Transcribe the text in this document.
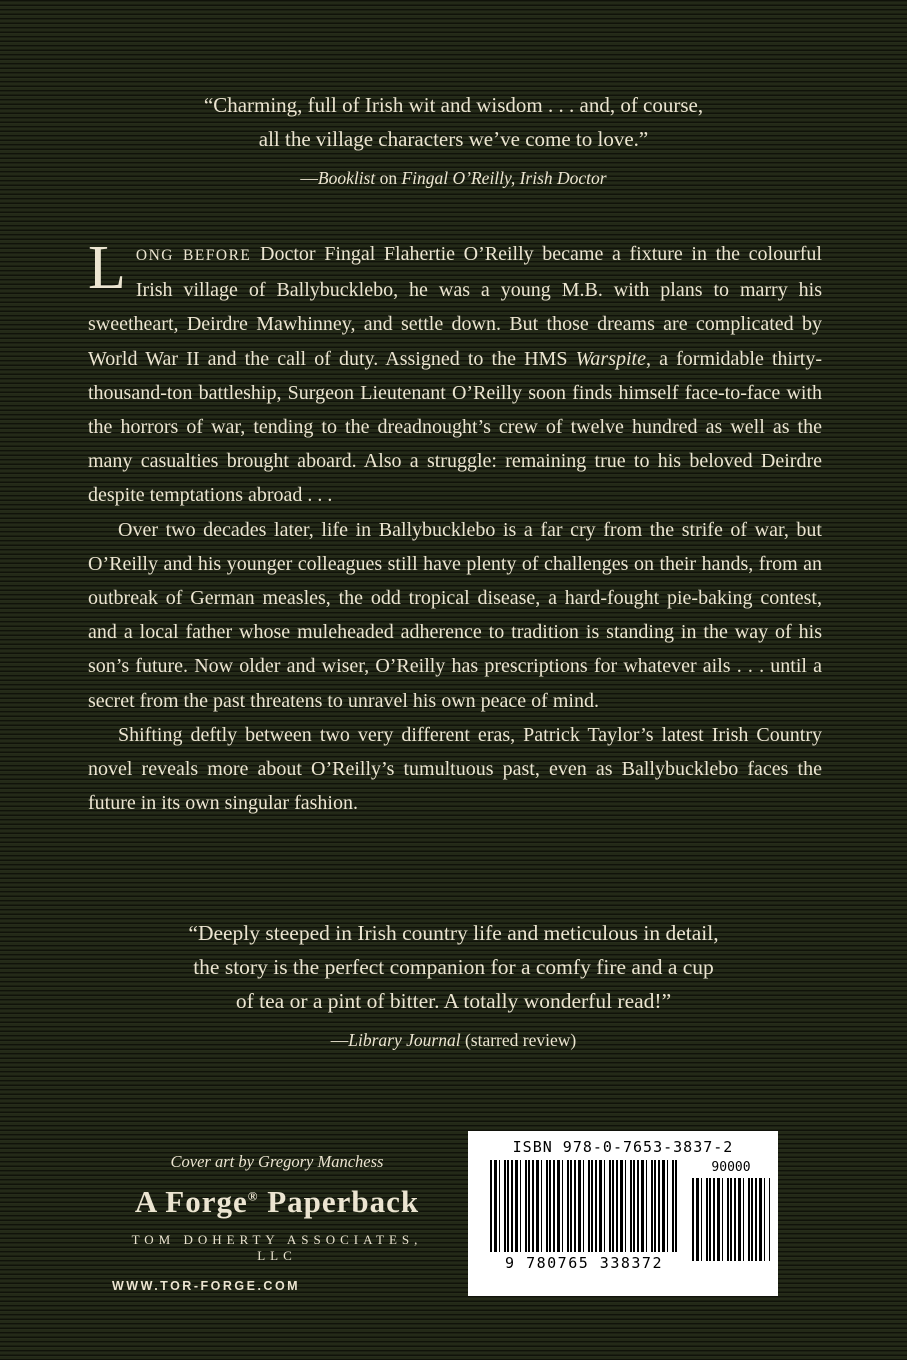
“Charming, full of Irish wit and wisdom . . . and, of course,
all the village characters we’ve come to love.”
—Booklist on Fingal O’Reilly, Irish Doctor

LONG BEFORE Doctor Fingal Flahertie O’Reilly became a fixture in the colourful Irish village of Ballybucklebo, he was a young M.B. with plans to marry his sweetheart, Deirdre Mawhinney, and settle down. But those dreams are complicated by World War II and the call of duty. Assigned to the HMS Warspite, a formidable thirty-thousand-ton battleship, Surgeon Lieutenant O’Reilly soon finds himself face-to-face with the horrors of war, tending to the dreadnought’s crew of twelve hundred as well as the many casualties brought aboard. Also a struggle: remaining true to his beloved Deirdre despite temptations abroad . . .

Over two decades later, life in Ballybucklebo is a far cry from the strife of war, but O’Reilly and his younger colleagues still have plenty of challenges on their hands, from an outbreak of German measles, the odd tropical disease, a hard-fought pie-baking contest, and a local father whose muleheaded adherence to tradition is standing in the way of his son’s future. Now older and wiser, O’Reilly has prescriptions for whatever ails . . . until a secret from the past threatens to unravel his own peace of mind.

Shifting deftly between two very different eras, Patrick Taylor’s latest Irish Country novel reveals more about O’Reilly’s tumultuous past, even as Ballybucklebo faces the future in its own singular fashion.

“Deeply steeped in Irish country life and meticulous in detail,
the story is the perfect companion for a comfy fire and a cup
of tea or a pint of bitter. A totally wonderful read!”
—Library Journal (starred review)
Cover art by Gregory Manchess
A Forge® Paperback
TOM DOHERTY ASSOCIATES, LLC
WWW.TOR-FORGE.COM
ISBN 978-0-7653-3837-2
9 780765 338372
90000
